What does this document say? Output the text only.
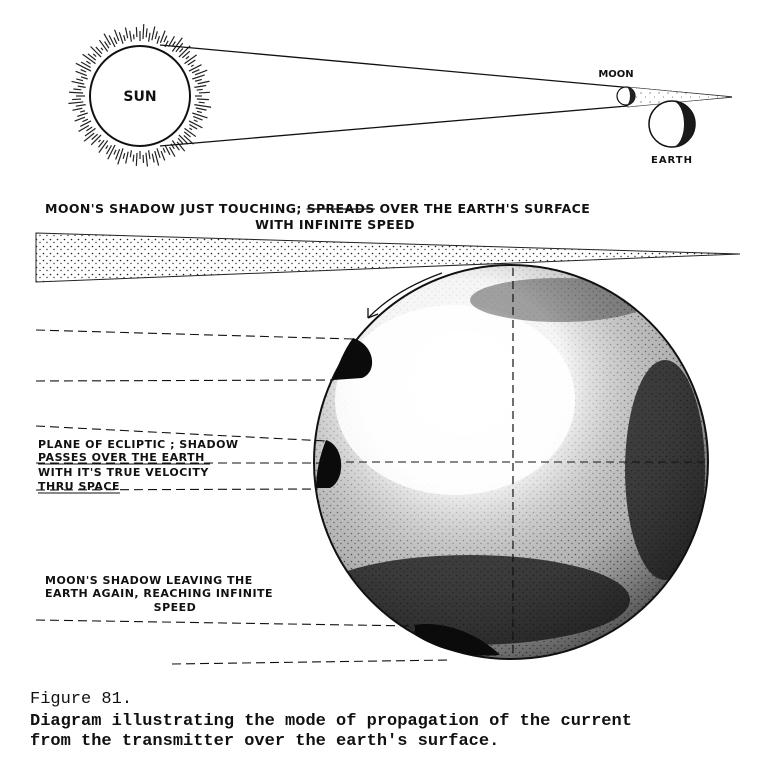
SUN
MOON
EARTH
MOON'S SHADOW JUST TOUCHING; SPREADS OVER THE EARTH'S SURFACE
WITH INFINITE SPEED
PLANE OF ECLIPTIC ; SHADOW
PASSES OVER THE EARTH
WITH IT'S TRUE VELOCITY
THRU SPACE
MOON'S SHADOW LEAVING THE
EARTH AGAIN, REACHING INFINITE
SPEED
Figure 81.
Diagram illustrating the mode of propagation of the current
from the transmitter over the earth's surface.
